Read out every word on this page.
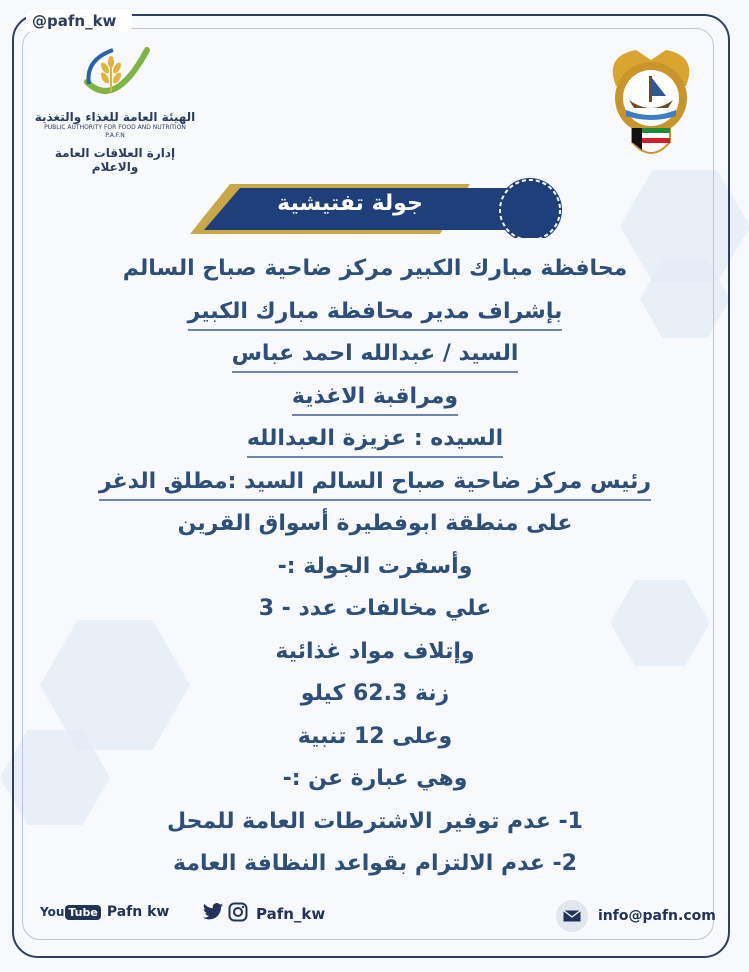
@pafn_kw
الهيئة العامة للغذاء والتغذية
PUBLIC AUTHORITY FOR FOOD AND NUTRITION
P.A.F.N
إدارة العلاقات العامة والاعلام
جولة تفتيشية
محافظة مبارك الكبير مركز ضاحية صباح السالم
بإشراف مدير محافظة مبارك الكبير
السيد / عبدالله احمد عباس
ومراقبة الاغذية
السيده : عزيزة العبدالله
رئيس مركز ضاحية صباح السالم السيد :مطلق الدغر
على منطقة ابوفطيرة أسواق القرين
وأسفرت الجولة :-
علي مخالفات عدد - 3
وإتلاف مواد غذائية
زنة 62.3 كيلو
وعلى 12 تنبية
وهي عبارة عن :-
1- عدم توفير الاشترطات العامة للمحل
2- عدم الالتزام بقواعد النظافة العامة
You Tube Pafn kw	Pafn_kw	info@pafn.com
